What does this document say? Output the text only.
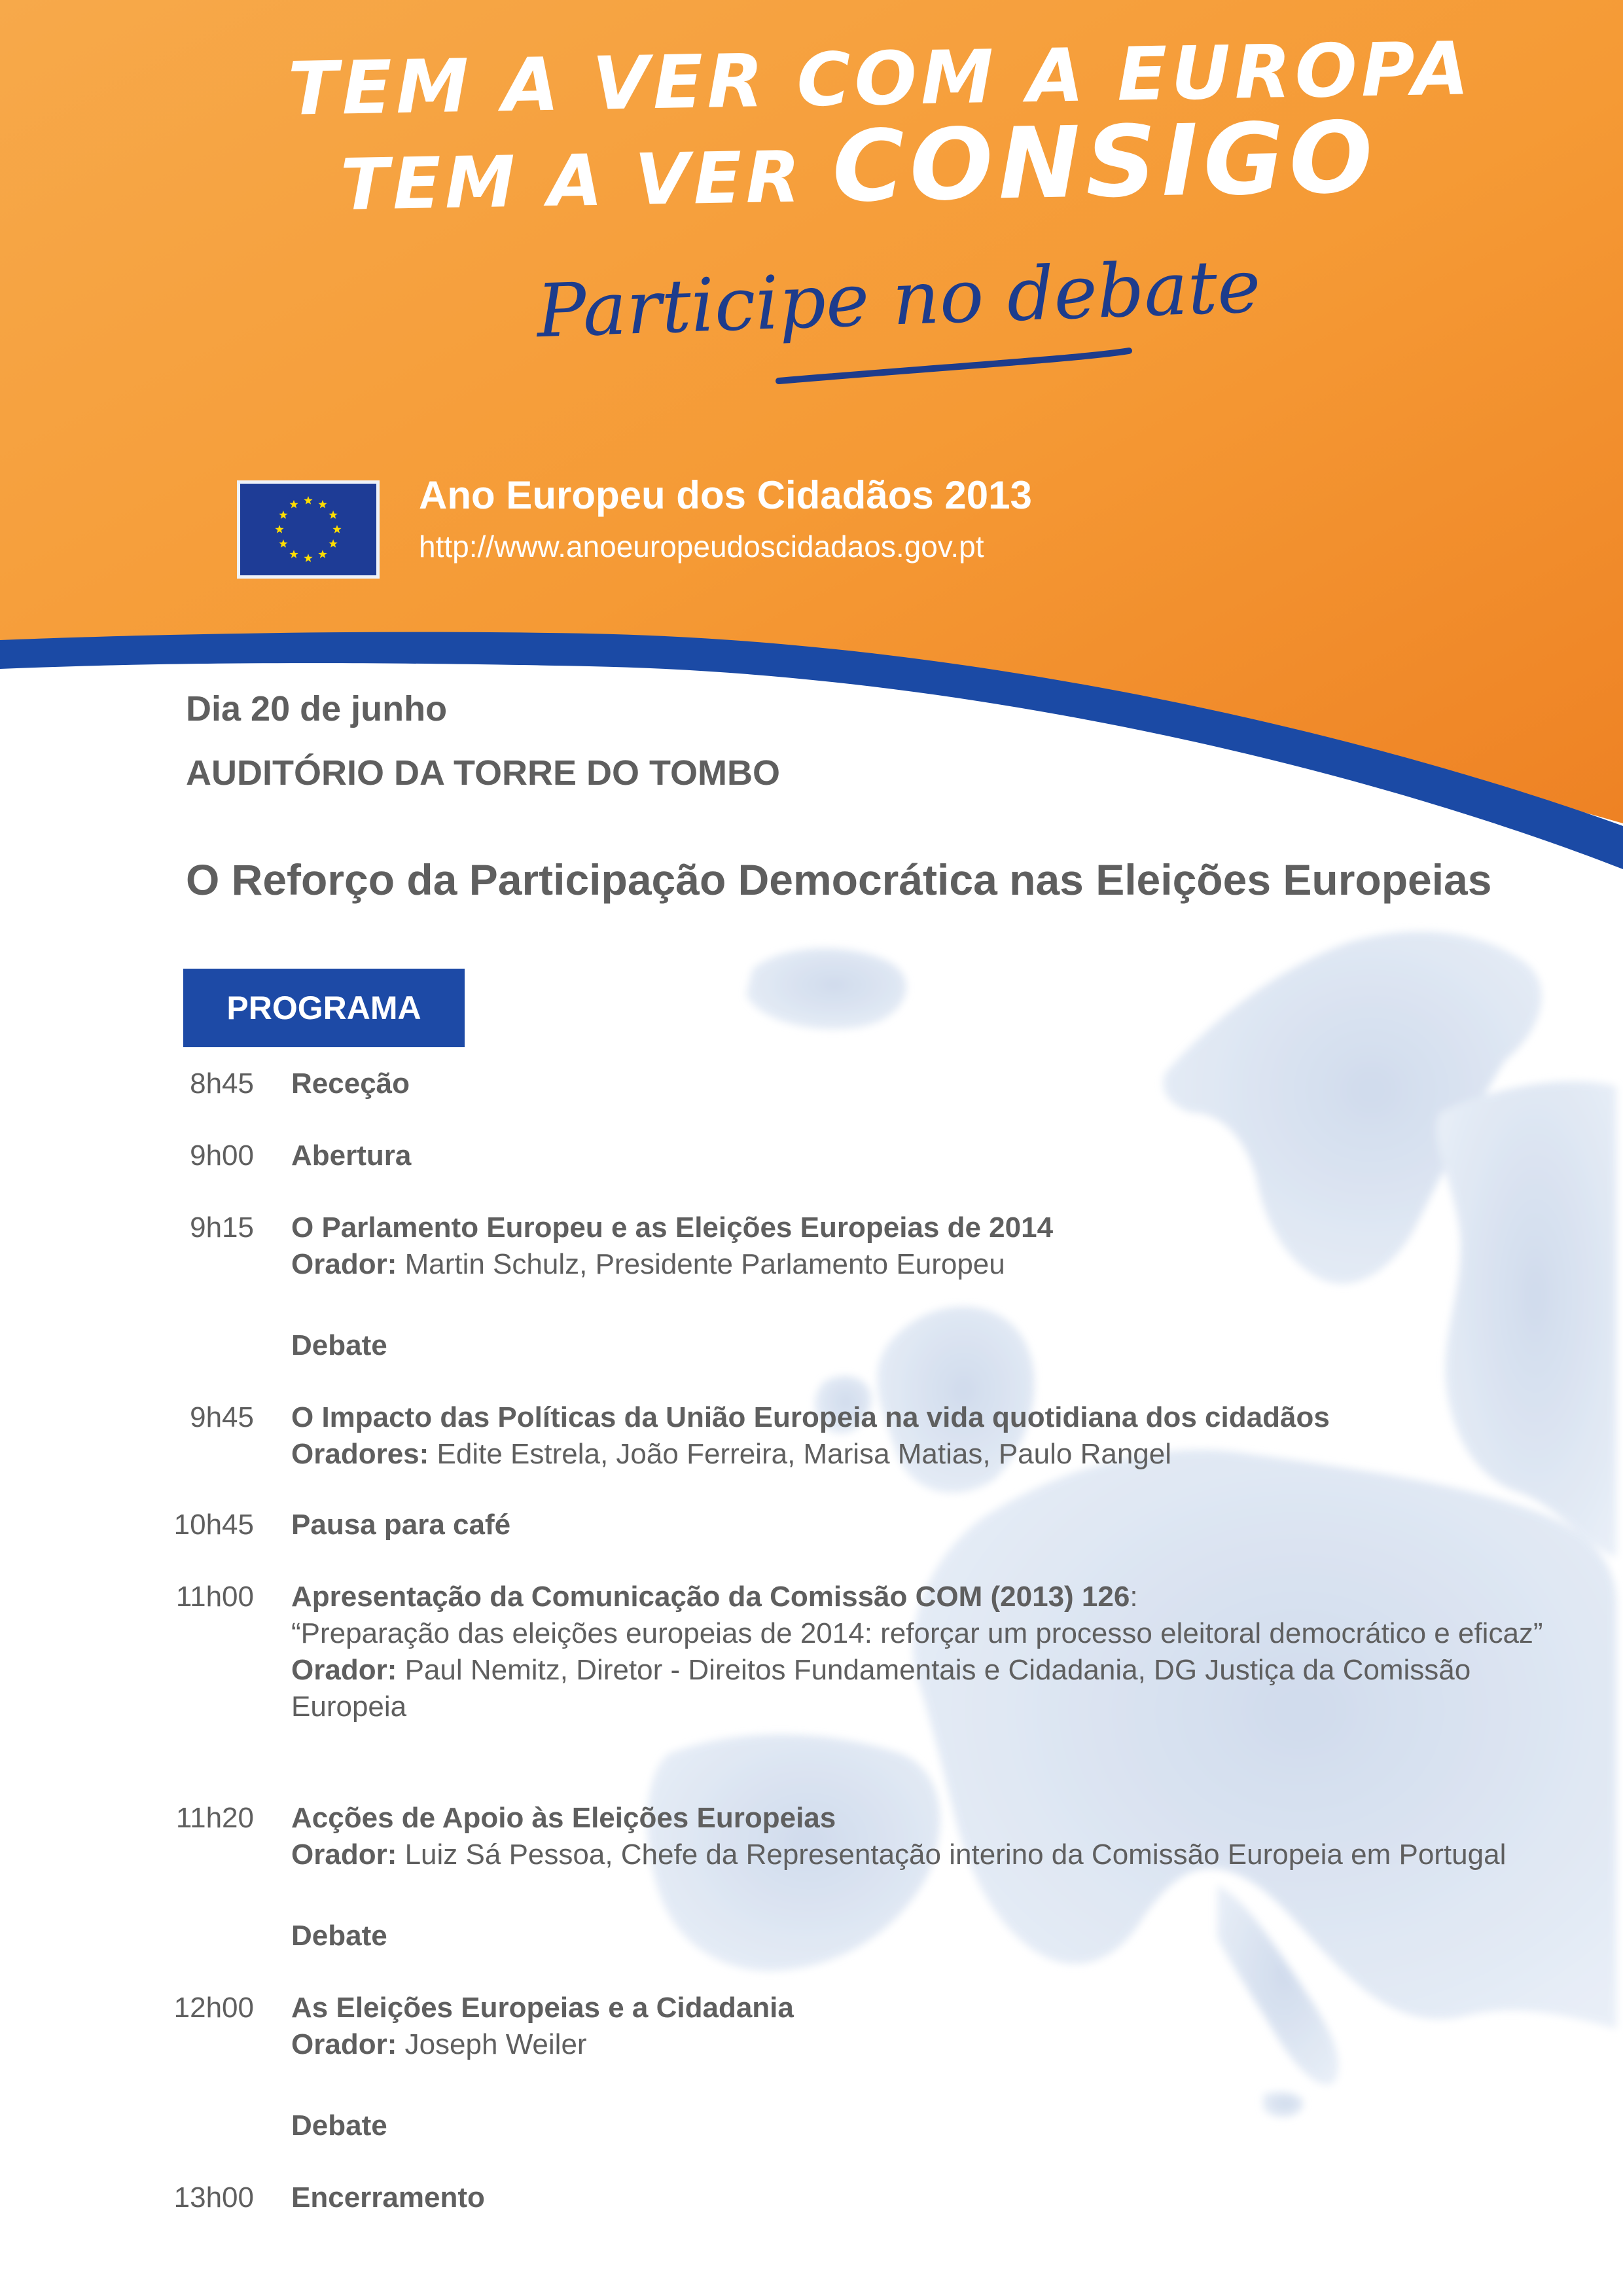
TEM A VER COM A EUROPA
TEM A VER CONSIGO
Participe no debate
Ano Europeu dos Cidadãos 2013
http://www.anoeuropeudoscidadaos.gov.pt
Dia 20 de junho
AUDITÓRIO DA TORRE DO TOMBO
O Reforço da Participação Democrática nas Eleições Europeias
PROGRAMA
8h45 Receção
9h00 Abertura
9h15 O Parlamento Europeu e as Eleições Europeias de 2014
Orador: Martin Schulz, Presidente Parlamento Europeu
Debate
9h45 O Impacto das Políticas da União Europeia na vida quotidiana dos cidadãos
Oradores: Edite Estrela, João Ferreira, Marisa Matias, Paulo Rangel
10h45 Pausa para café
11h00 Apresentação da Comunicação da Comissão COM (2013) 126:
“Preparação das eleições europeias de 2014: reforçar um processo eleitoral democrático e eficaz”
Orador: Paul Nemitz, Diretor - Direitos Fundamentais e Cidadania, DG Justiça da Comissão Europeia
11h20 Acções de Apoio às Eleições Europeias
Orador: Luiz Sá Pessoa, Chefe da Representação interino da Comissão Europeia em Portugal
Debate
12h00 As Eleições Europeias e a Cidadania
Orador: Joseph Weiler
Debate
13h00 Encerramento
